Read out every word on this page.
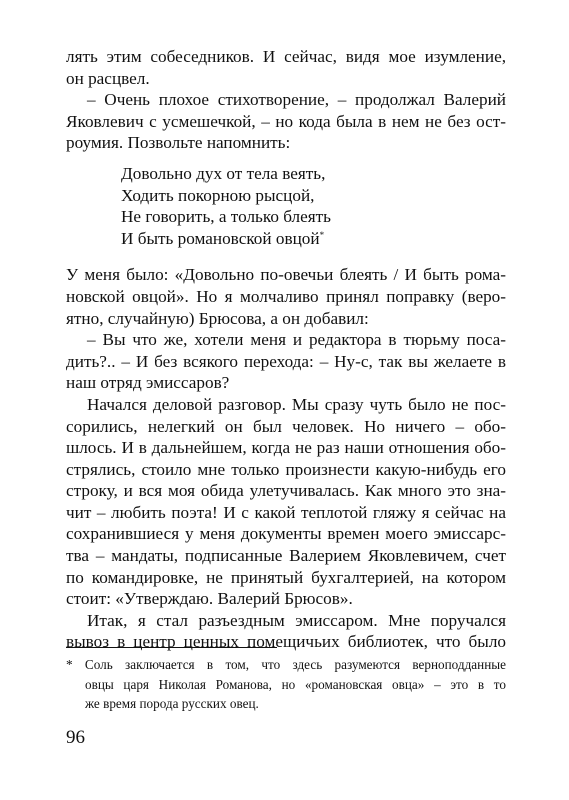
лять этим собеседников. И сейчас, видя мое изумление,
он расцвел.
– Очень плохое стихотворение, – продолжал Валерий
Яковлевич с усмешечкой, – но кода была в нем не без ост-
роумия. Позвольте напомнить:
Довольно дух от тела веять,
Ходить покорною рысцой,
Не говорить, а только блеять
И быть романовской овцой*
У меня было: «Довольно по-овечьи блеять / И быть рома-
новской овцой». Но я молчаливо принял поправку (веро-
ятно, случайную) Брюсова, а он добавил:
– Вы что же, хотели меня и редактора в тюрьму поса-
дить?.. – И без всякого перехода: – Ну-с, так вы желаете в
наш отряд эмиссаров?
Начался деловой разговор. Мы сразу чуть было не пос-
сорились, нелегкий он был человек. Но ничего – обо-
шлось. И в дальнейшем, когда не раз наши отношения обо-
стрялись, стоило мне только произнести какую-нибудь его
строку, и вся моя обида улетучивалась. Как много это зна-
чит – любить поэта! И с какой теплотой гляжу я сейчас на
сохранившиеся у меня документы времен моего эмиссарс-
тва – мандаты, подписанные Валерием Яковлевичем, счет
по командировке, не принятый бухгалтерией, на котором
стоит: «Утверждаю. Валерий Брюсов».
Итак, я стал разъездным эмиссаром. Мне поручался
вывоз в центр ценных помещичьих библиотек, что было
* Соль заключается в том, что здесь разумеются верноподданные
овцы царя Николая Романова, но «романовская овца» – это в то
же время порода русских овец.
96
